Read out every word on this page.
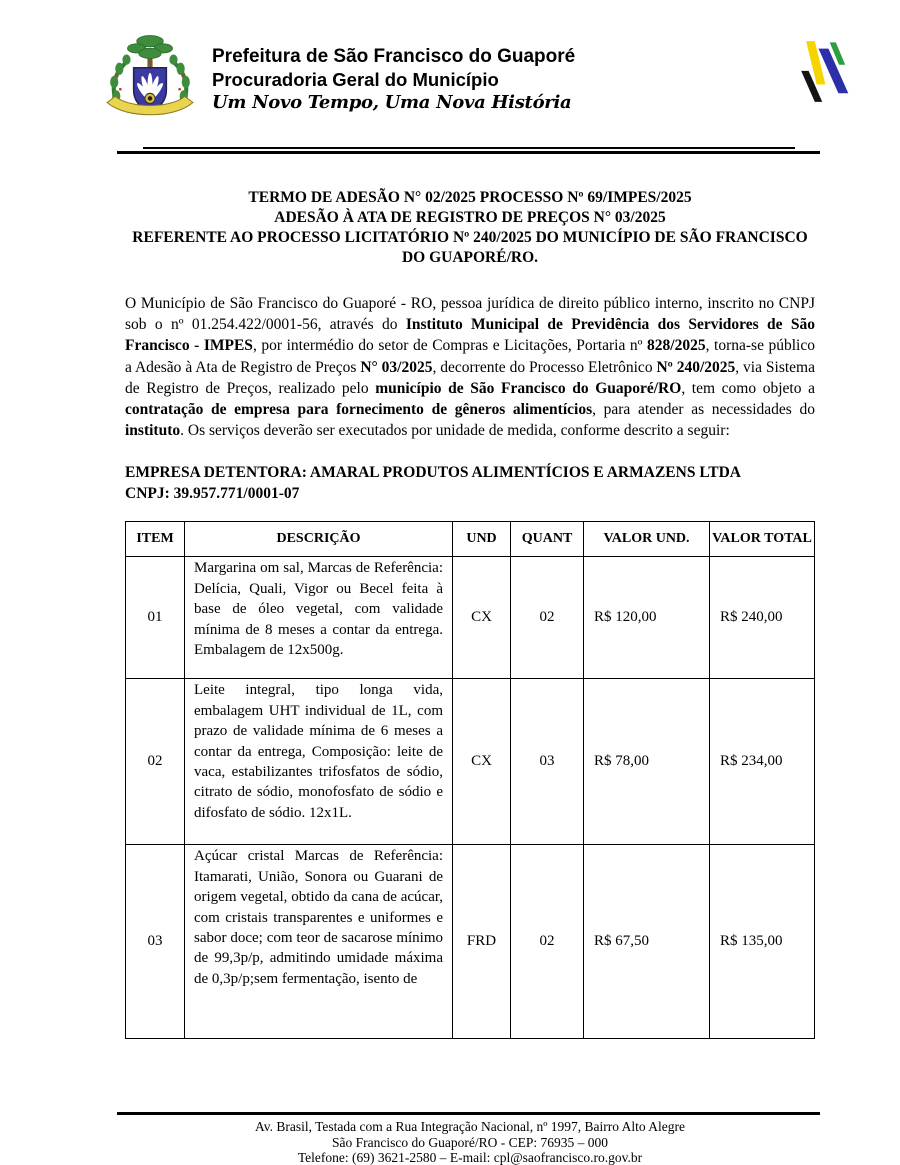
Prefeitura de São Francisco do Guaporé
Procuradoria Geral do Município
Um Novo Tempo, Uma Nova História
TERMO DE ADESÃO N° 02/2025 PROCESSO Nº 69/IMPES/2025
ADESÃO À ATA DE REGISTRO DE PREÇOS N° 03/2025
REFERENTE AO PROCESSO LICITATÓRIO Nº 240/2025 DO MUNICÍPIO DE SÃO FRANCISCO DO GUAPORÉ/RO.
O Município de São Francisco do Guaporé - RO, pessoa jurídica de direito público interno, inscrito no CNPJ sob o nº 01.254.422/0001-56, através do Instituto Municipal de Previdência dos Servidores de São Francisco - IMPES, por intermédio do setor de Compras e Licitações, Portaria nº 828/2025, torna-se público a Adesão à Ata de Registro de Preços N° 03/2025, decorrente do Processo Eletrônico Nº 240/2025, via Sistema de Registro de Preços, realizado pelo município de São Francisco do Guaporé/RO, tem como objeto a contratação de empresa para fornecimento de gêneros alimentícios, para atender as necessidades do instituto. Os serviços deverão ser executados por unidade de medida, conforme descrito a seguir:
EMPRESA DETENTORA: AMARAL PRODUTOS ALIMENTÍCIOS E ARMAZENS LTDA
CNPJ: 39.957.771/0001-07
ITEM	DESCRIÇÃO	UND	QUANT	VALOR UND.	VALOR TOTAL
01	Margarina om sal, Marcas de Referência: Delícia, Quali, Vigor ou Becel feita à base de óleo vegetal, com validade mínima de 8 meses a contar da entrega. Embalagem de 12x500g.	CX	02	R$ 120,00	R$ 240,00
02	Leite integral, tipo longa vida, embalagem UHT individual de 1L, com prazo de validade mínima de 6 meses a contar da entrega, Composição: leite de vaca, estabilizantes trifosfatos de sódio, citrato de sódio, monofosfato de sódio e difosfato de sódio. 12x1L.	CX	03	R$ 78,00	R$ 234,00
03	Açúcar cristal Marcas de Referência: Itamarati, União, Sonora ou Guarani de origem vegetal, obtido da cana de acúcar, com cristais transparentes e uniformes e sabor doce; com teor de sacarose mínimo de 99,3p/p, admitindo umidade máxima de 0,3p/p;sem fermentação, isento de	FRD	02	R$ 67,50	R$ 135,00
Av. Brasil, Testada com a Rua Integração Nacional, nº 1997, Bairro Alto Alegre
São Francisco do Guaporé/RO - CEP: 76935 – 000
Telefone: (69) 3621-2580 – E-mail: cpl@saofrancisco.ro.gov.br
